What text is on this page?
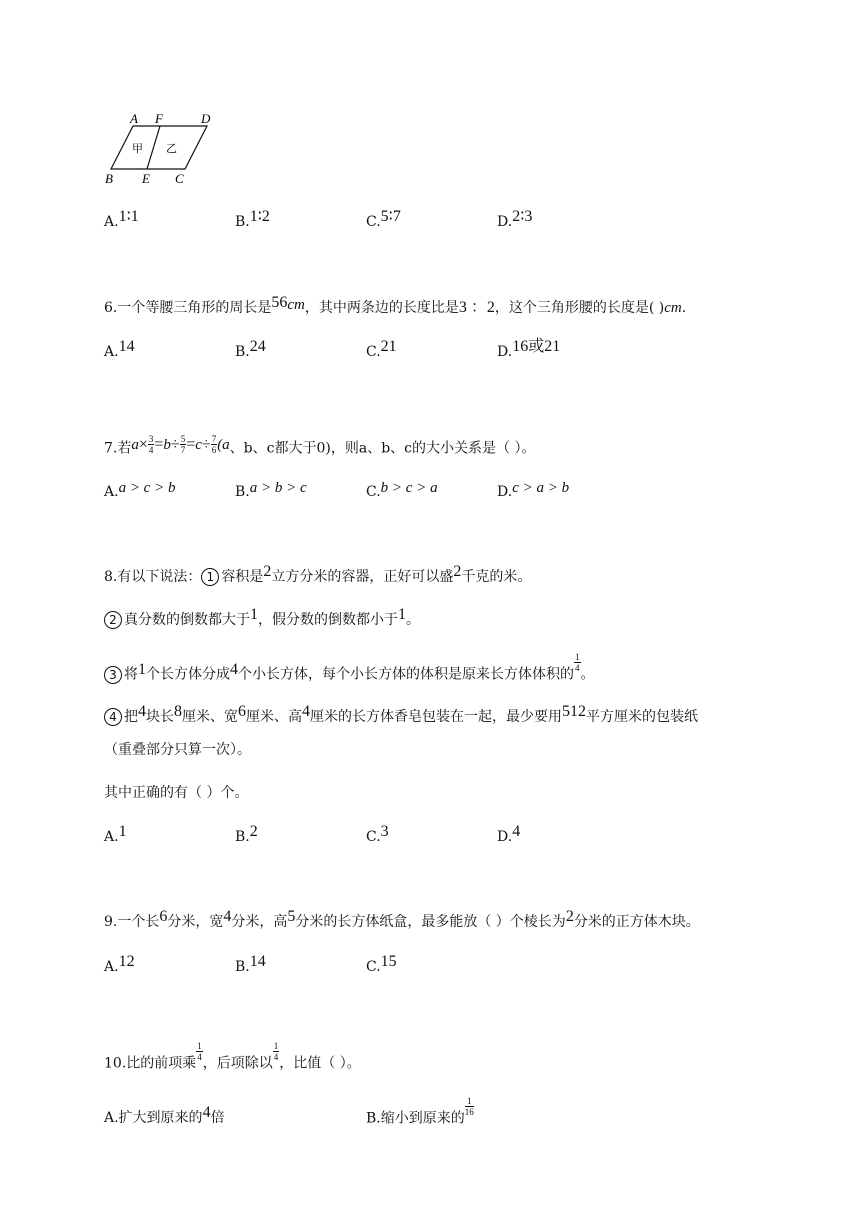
A F	D
B E C
甲 乙
A.1∶1	B.1∶2	C.5∶7	D.2∶3
6.一个等腰三角形的周长是56cm，其中两条边的长度比是3 ：2，这个三角形腰的长度是( )cm.
A.14	B.24	C.21	D.16或21
7.若$a\times \frac{3}{4} =b\div \frac{5}{7} =c\div \frac{7}{6} (a$、b、c都大于0)，则a、b、c的大小关系是（ ）。
A.a > c > b	B.a > b > c	C.b > c > a	D.c > a > b
8.有以下说法： 1 容积是2立方分米的容器，正好可以盛2千克的米。
2 真分数的倒数都大于1，假分数的倒数都小于1。
3 将1个长方体分成4个小长方体，每个小长方体的体积是原来长方体体积的
$\frac{1}{4}$
。
4 把4块长8厘米、宽6厘米、高4厘米的长方体香皂包装在一起，最少要用512平方厘米的包装纸
（重叠部分只算一次）。
其中正确的有（ ）个。
A.1	B.2	C.3	D.4
9.一个长6分米，宽4分米，高5分米的长方体纸盒，最多能放（ ）个棱长为2分米的正方体木块。
A.12	B.14	C.15
10.比的前项乘
$\frac{1}{4}$
，后项除以
$\frac{1}{4}$
，比值（ ）。
A.扩大到原来的4倍	B.缩小到原来的
$\frac{1}{16}$
